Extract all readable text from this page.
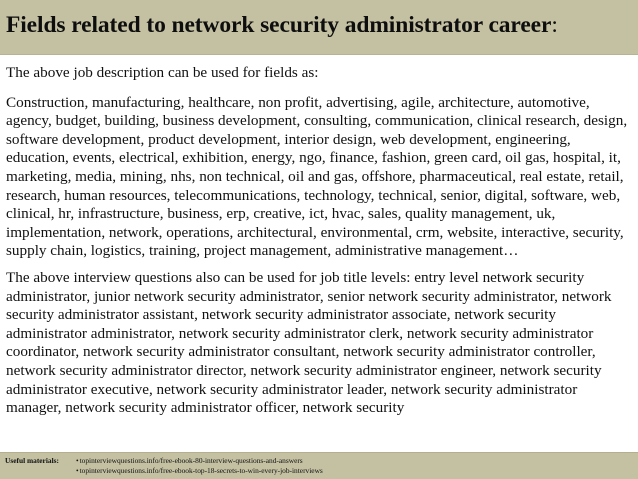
Fields related to network security administrator career:

The above job description can be used for fields as:

Construction, manufacturing, healthcare, non profit, advertising, agile, architecture, automotive, agency, budget, building, business development, consulting, communication, clinical research, design, software development, product development, interior design, web development, engineering, education, events, electrical, exhibition, energy, ngo, finance, fashion, green card, oil gas, hospital, it, marketing, media, mining, nhs, non technical, oil and gas, offshore, pharmaceutical, real estate, retail, research, human resources, telecommunications, technology, technical, senior, digital, software, web, clinical, hr, infrastructure, business, erp, creative, ict, hvac, sales, quality management, uk, implementation, network, operations, architectural, environmental, crm, website, interactive, security, supply chain, logistics, training, project management, administrative management…

The above interview questions also can be used for job title levels: entry level network security administrator, junior network security administrator, senior network security administrator, network security administrator assistant, network security administrator associate, network security administrator administrator, network security administrator clerk, network security administrator coordinator, network security administrator consultant, network security administrator controller, network security administrator director, network security administrator engineer, network security administrator executive, network security administrator leader, network security administrator manager, network security administrator officer, network security

Useful materials: •topinterviewquestions.info/free-ebook-80-interview-questions-and-answers
•topinterviewquestions.info/free-ebook-top-18-secrets-to-win-every-job-interviews
